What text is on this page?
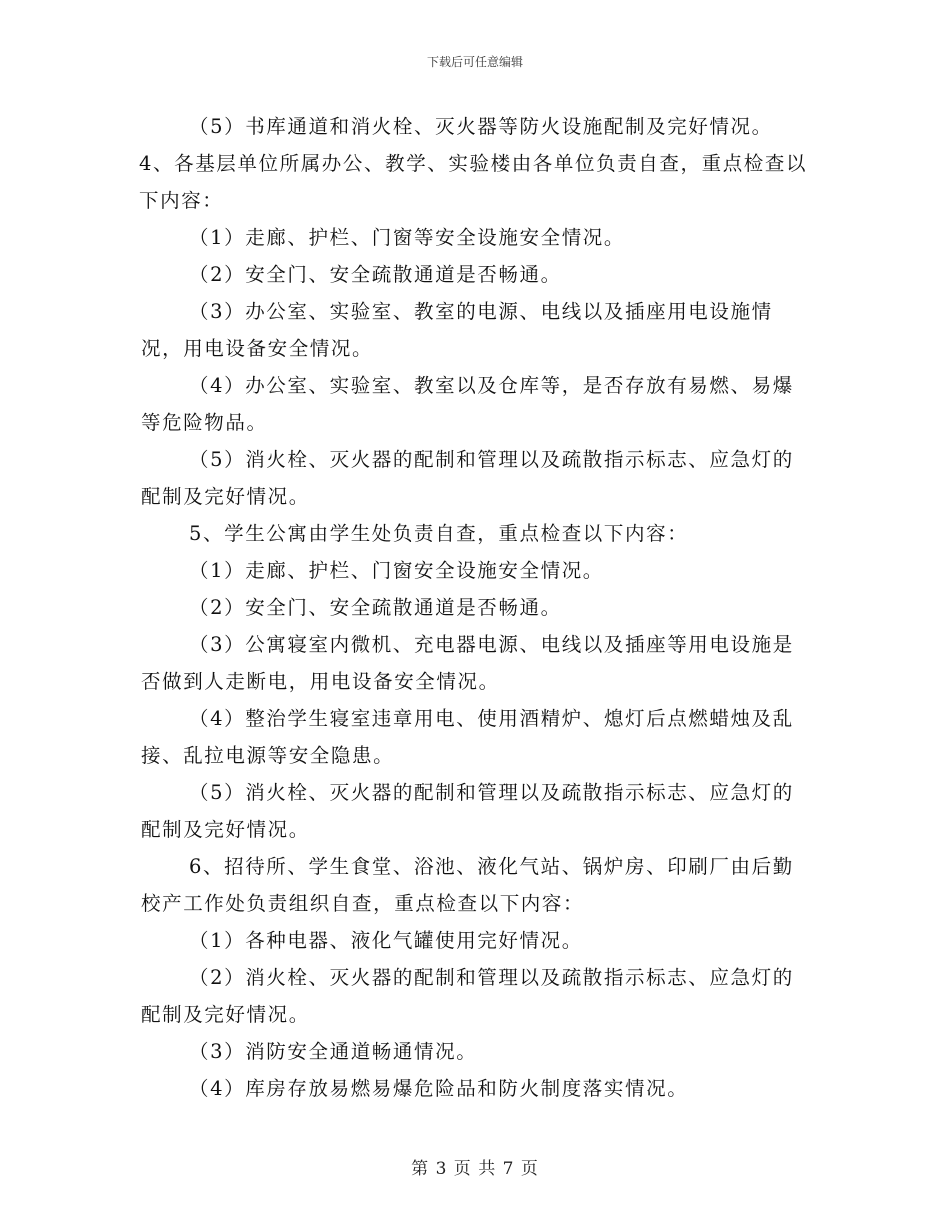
下载后可任意编辑

（5）书库通道和消火栓、灭火器等防火设施配制及完好情况。

4、各基层单位所属办公、教学、实验楼由各单位负责自查，重点检查以下内容：

（1）走廊、护栏、门窗等安全设施安全情况。

（2）安全门、安全疏散通道是否畅通。

（3）办公室、实验室、教室的电源、电线以及插座用电设施情况，用电设备安全情况。

（4）办公室、实验室、教室以及仓库等，是否存放有易燃、易爆等危险物品。

（5）消火栓、灭火器的配制和管理以及疏散指示标志、应急灯的配制及完好情况。

5、学生公寓由学生处负责自查，重点检查以下内容：

（1）走廊、护栏、门窗安全设施安全情况。

（2）安全门、安全疏散通道是否畅通。

（3）公寓寝室内微机、充电器电源、电线以及插座等用电设施是否做到人走断电，用电设备安全情况。

（4）整治学生寝室违章用电、使用酒精炉、熄灯后点燃蜡烛及乱接、乱拉电源等安全隐患。

（5）消火栓、灭火器的配制和管理以及疏散指示标志、应急灯的配制及完好情况。

6、招待所、学生食堂、浴池、液化气站、锅炉房、印刷厂由后勤校产工作处负责组织自查，重点检查以下内容：

（1）各种电器、液化气罐使用完好情况。

（2）消火栓、灭火器的配制和管理以及疏散指示标志、应急灯的配制及完好情况。

（3）消防安全通道畅通情况。

（4）库房存放易燃易爆危险品和防火制度落实情况。

第 3 页 共 7 页
